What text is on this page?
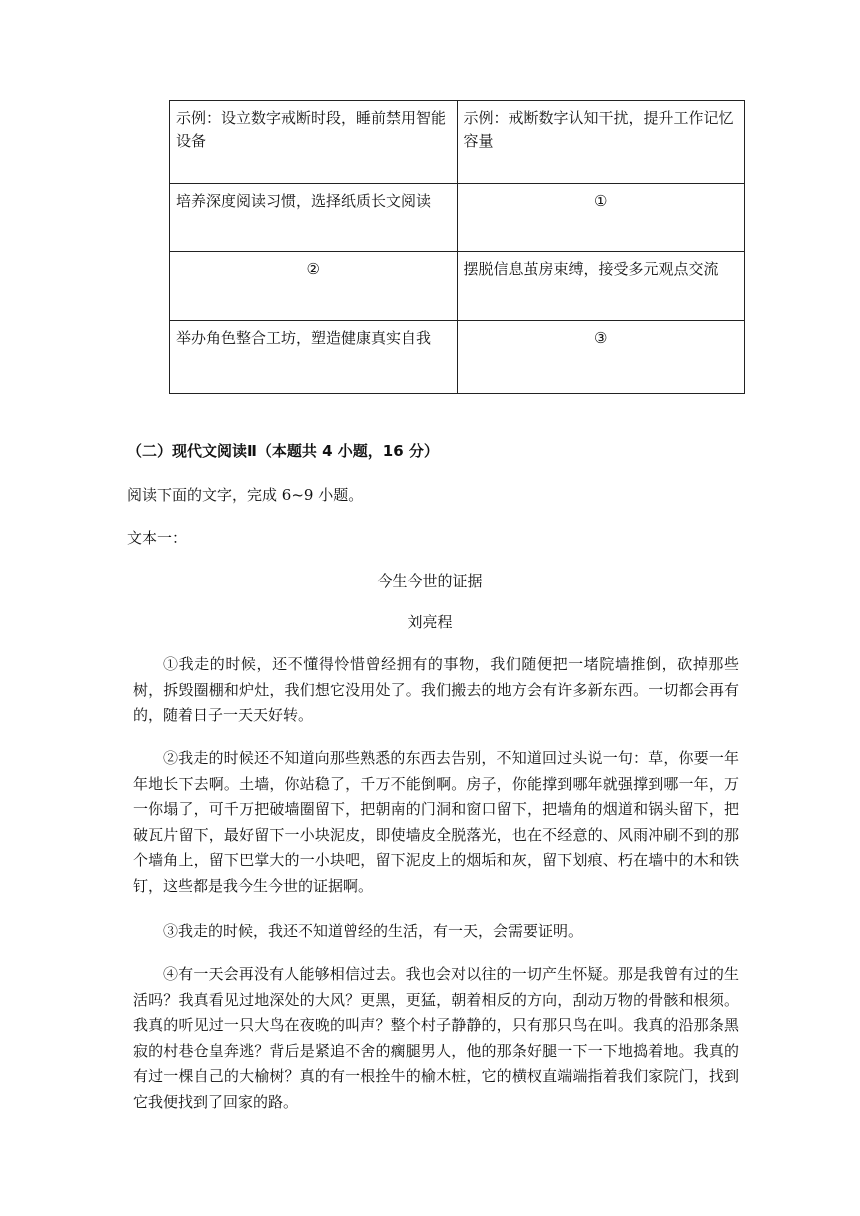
示例：设立数字戒断时段，睡前禁用智能设备	示例：戒断数字认知干扰，提升工作记忆容量
培养深度阅读习惯，选择纸质长文阅读	①
②	摆脱信息茧房束缚，接受多元观点交流
举办角色整合工坊，塑造健康真实自我	③
（二）现代文阅读Ⅱ（本题共 4 小题，16 分）
阅读下面的文字，完成 6~9 小题。
文本一：
今生今世的证据
刘亮程

①我走的时候，还不懂得怜惜曾经拥有的事物，我们随便把一堵院墙推倒，砍掉那些树，拆毁圈棚和炉灶，我们想它没用处了。我们搬去的地方会有许多新东西。一切都会再有的，随着日子一天天好转。

②我走的时候还不知道向那些熟悉的东西去告别，不知道回过头说一句：草，你要一年年地长下去啊。土墙，你站稳了，千万不能倒啊。房子，你能撑到哪年就强撑到哪一年，万一你塌了，可千万把破墙圈留下，把朝南的门洞和窗口留下，把墙角的烟道和锅头留下，把破瓦片留下，最好留下一小块泥皮，即使墙皮全脱落光，也在不经意的、风雨冲刷不到的那个墙角上，留下巴掌大的一小块吧，留下泥皮上的烟垢和灰，留下划痕、朽在墙中的木和铁钉，这些都是我今生今世的证据啊。

③我走的时候，我还不知道曾经的生活，有一天，会需要证明。

④有一天会再没有人能够相信过去。我也会对以往的一切产生怀疑。那是我曾有过的生活吗？我真看见过地深处的大风？更黑，更猛，朝着相反的方向，刮动万物的骨骸和根须。我真的听见过一只大鸟在夜晚的叫声？整个村子静静的，只有那只鸟在叫。我真的沿那条黑寂的村巷仓皇奔逃？背后是紧追不舍的瘸腿男人，他的那条好腿一下一下地捣着地。我真的有过一棵自己的大榆树？真的有一根拴牛的榆木桩，它的横杈直端端指着我们家院门，找到它我便找到了回家的路。
